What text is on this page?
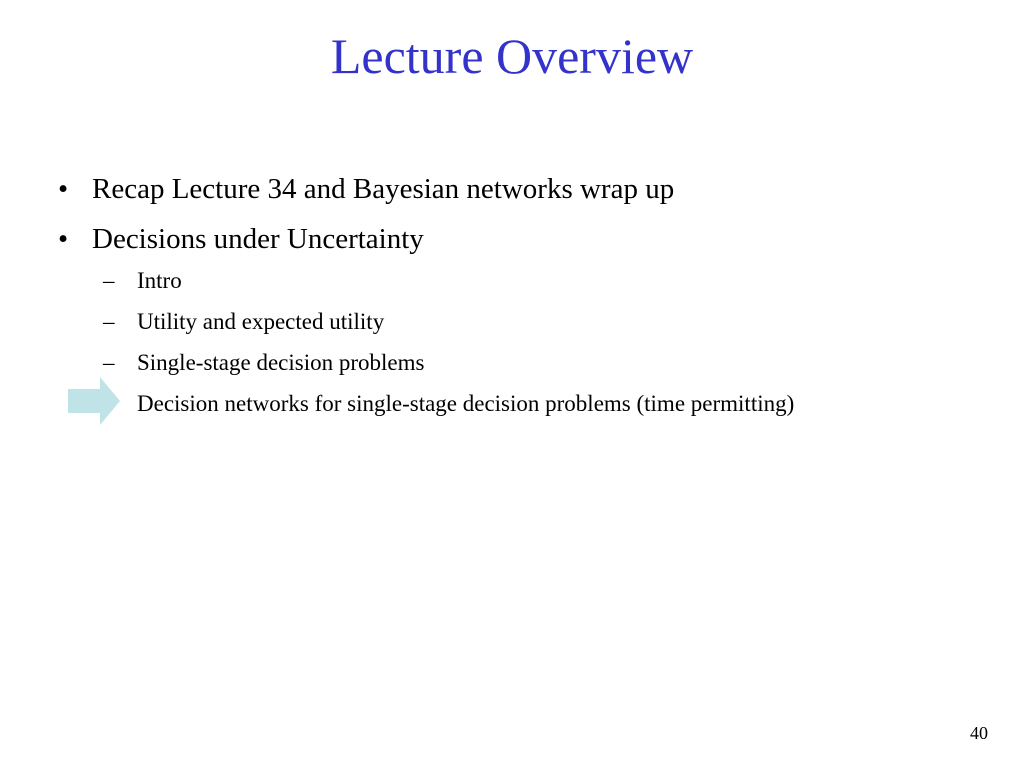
Lecture Overview
• Recap Lecture 34 and Bayesian networks wrap up
• Decisions under Uncertainty
– Intro
– Utility and expected utility
– Single-stage decision problems
Decision networks for single-stage decision problems (time permitting)
40
